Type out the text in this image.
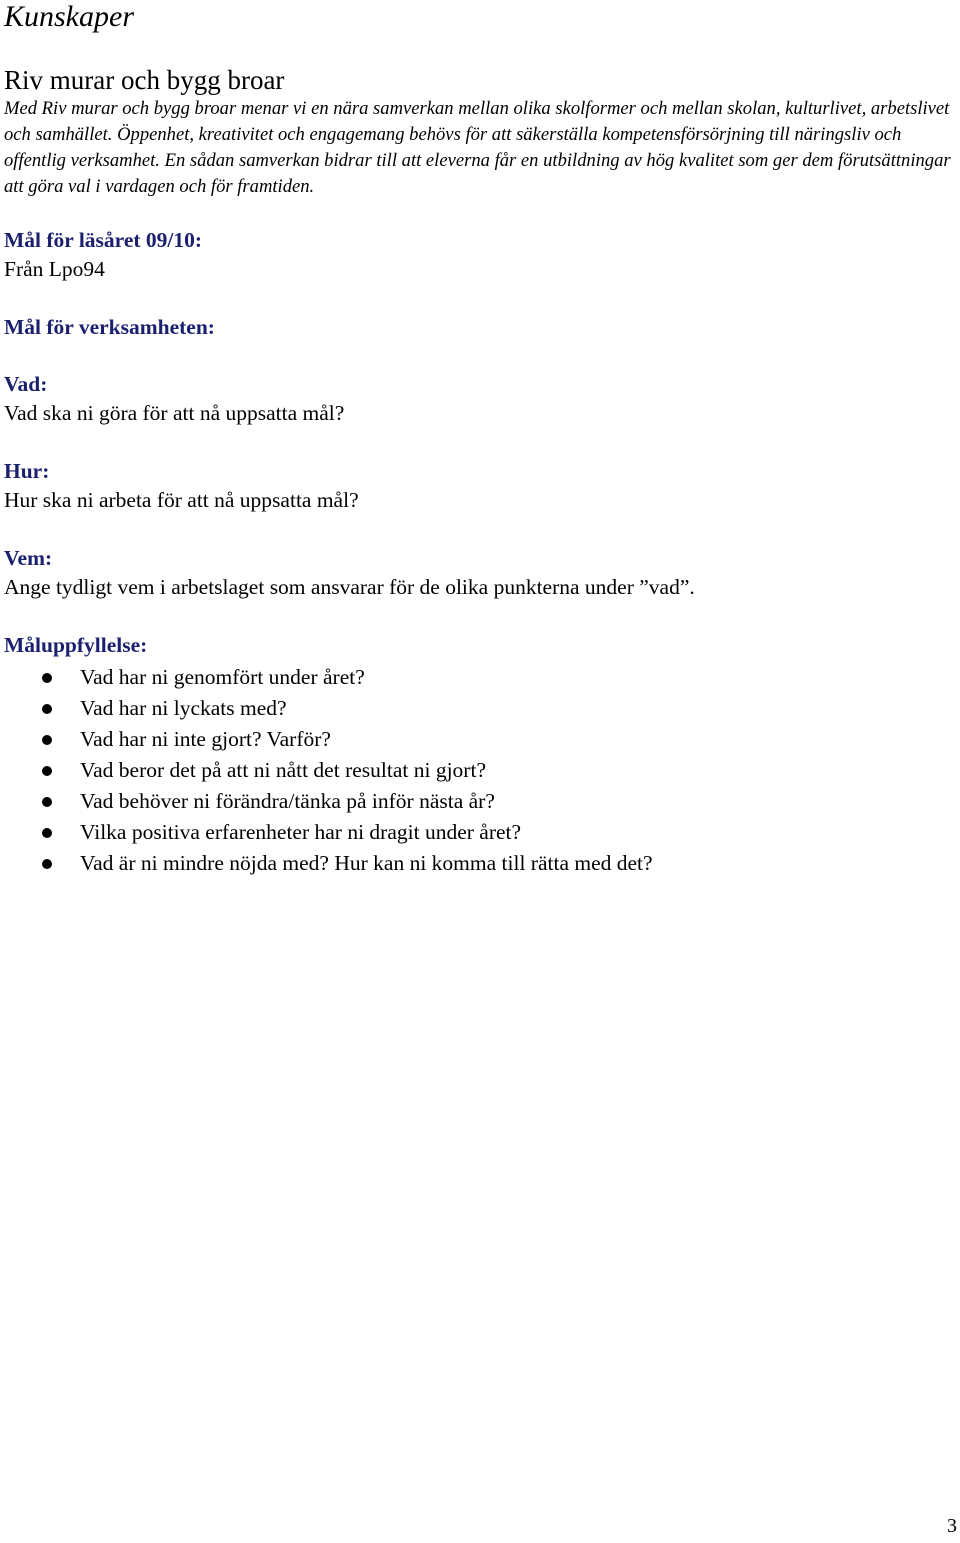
Kunskaper
Riv murar och bygg broar

Med Riv murar och bygg broar menar vi en nära samverkan mellan olika skolformer och mellan skolan, kulturlivet, arbetslivet och samhället. Öppenhet, kreativitet och engagemang behövs för att säkerställa kompetensförsörjning till näringsliv och offentlig verksamhet. En sådan samverkan bidrar till att eleverna får en utbildning av hög kvalitet som ger dem förutsättningar att göra val i vardagen och för framtiden.

Mål för läsåret 09/10:

Från Lpo94

Mål för verksamheten:

Vad:

Vad ska ni göra för att nå uppsatta mål?

Hur:

Hur ska ni arbeta för att nå uppsatta mål?

Vem:

Ange tydligt vem i arbetslaget som ansvarar för de olika punkterna under ”vad”.

Måluppfyllelse:

Vad har ni genomfört under året?
Vad har ni lyckats med?
Vad har ni inte gjort? Varför?
Vad beror det på att ni nått det resultat ni gjort?
Vad behöver ni förändra/tänka på inför nästa år?
Vilka positiva erfarenheter har ni dragit under året?
Vad är ni mindre nöjda med? Hur kan ni komma till rätta med det?

3
